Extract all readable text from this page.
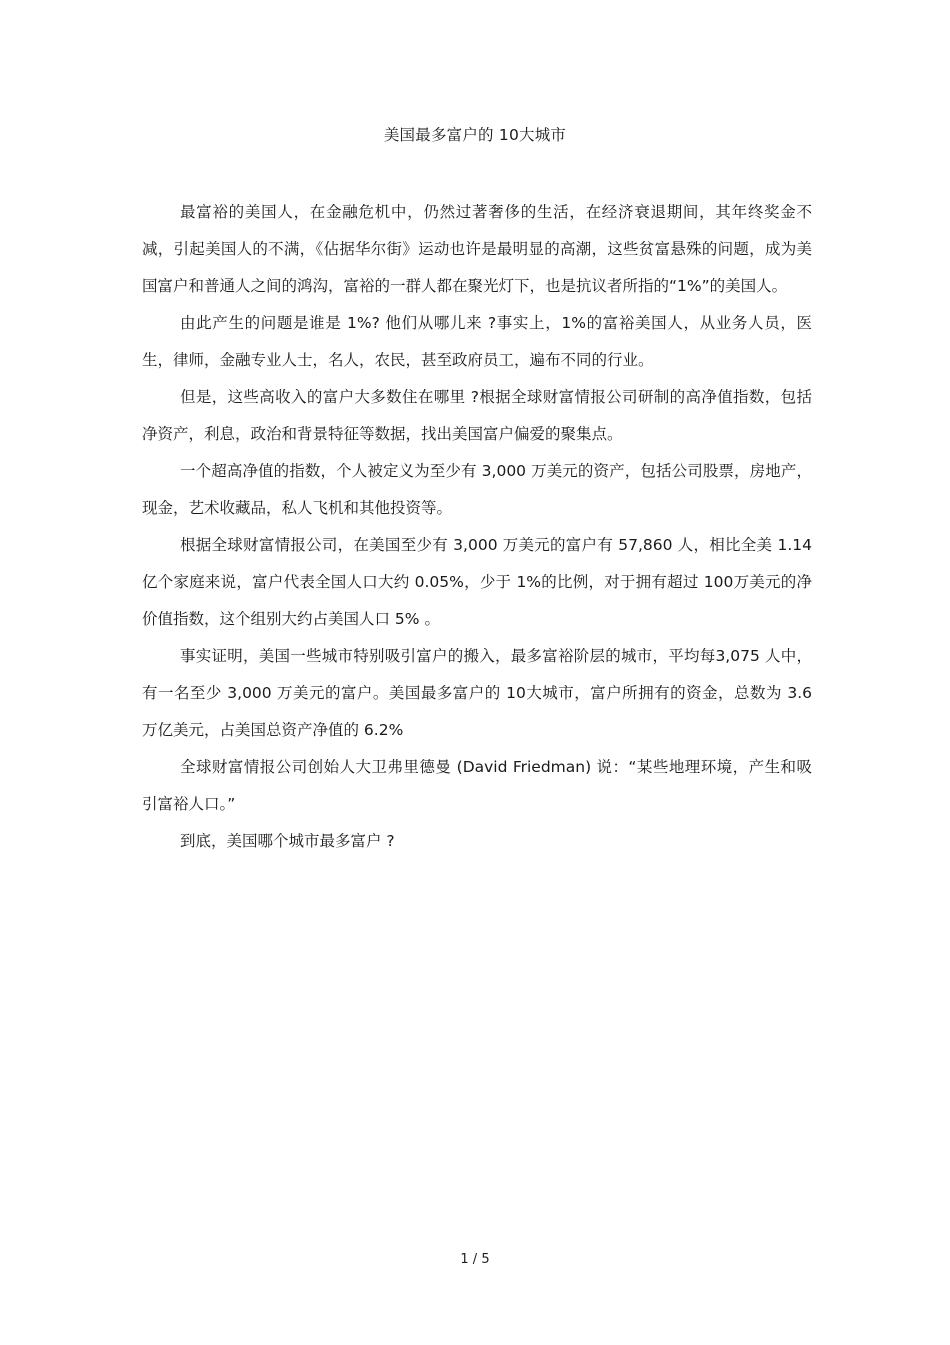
美国最多富户的 10大城市

最富裕的美国人，在金融危机中，仍然过著奢侈的生活，在经济衰退期间，其年终奖金不减，引起美国人的不满，《佔据华尔街》运动也许是最明显的高潮，这些贫富悬殊的问题，成为美国富户和普通人之间的鸿沟，富裕的一群人都在聚光灯下，也是抗议者所指的“1%”的美国人。

由此产生的问题是谁是 1%? 他们从哪儿来 ?事实上，1%的富裕美国人，从业务人员，医生，律师，金融专业人士，名人，农民，甚至政府员工，遍布不同的行业。

但是，这些高收入的富户大多数住在哪里 ?根据全球财富情报公司研制的高净值指数，包括净资产，利息，政治和背景特征等数据，找出美国富户偏爱的聚集点。

一个超高净值的指数，个人被定义为至少有 3,000 万美元的资产，包括公司股票，房地产，现金，艺术收藏品，私人飞机和其他投资等。

根据全球财富情报公司，在美国至少有 3,000 万美元的富户有 57,860 人，相比全美 1.14 亿个家庭来说，富户代表全国人口大约 0.05%，少于 1%的比例，对于拥有超过 100万美元的净价值指数，这个组别大约占美国人口 5% 。

事实证明，美国一些城市特别吸引富户的搬入，最多富裕阶层的城市，平均每3,075 人中，有一名至少 3,000 万美元的富户。美国最多富户的 10大城市，富户所拥有的资金，总数为 3.6 万亿美元，占美国总资产净值的 6.2%

全球财富情报公司创始人大卫弗里德曼 (David Friedman) 说：“某些地理环境，产生和吸引富裕人口。”

到底，美国哪个城市最多富户 ?

1 / 5
